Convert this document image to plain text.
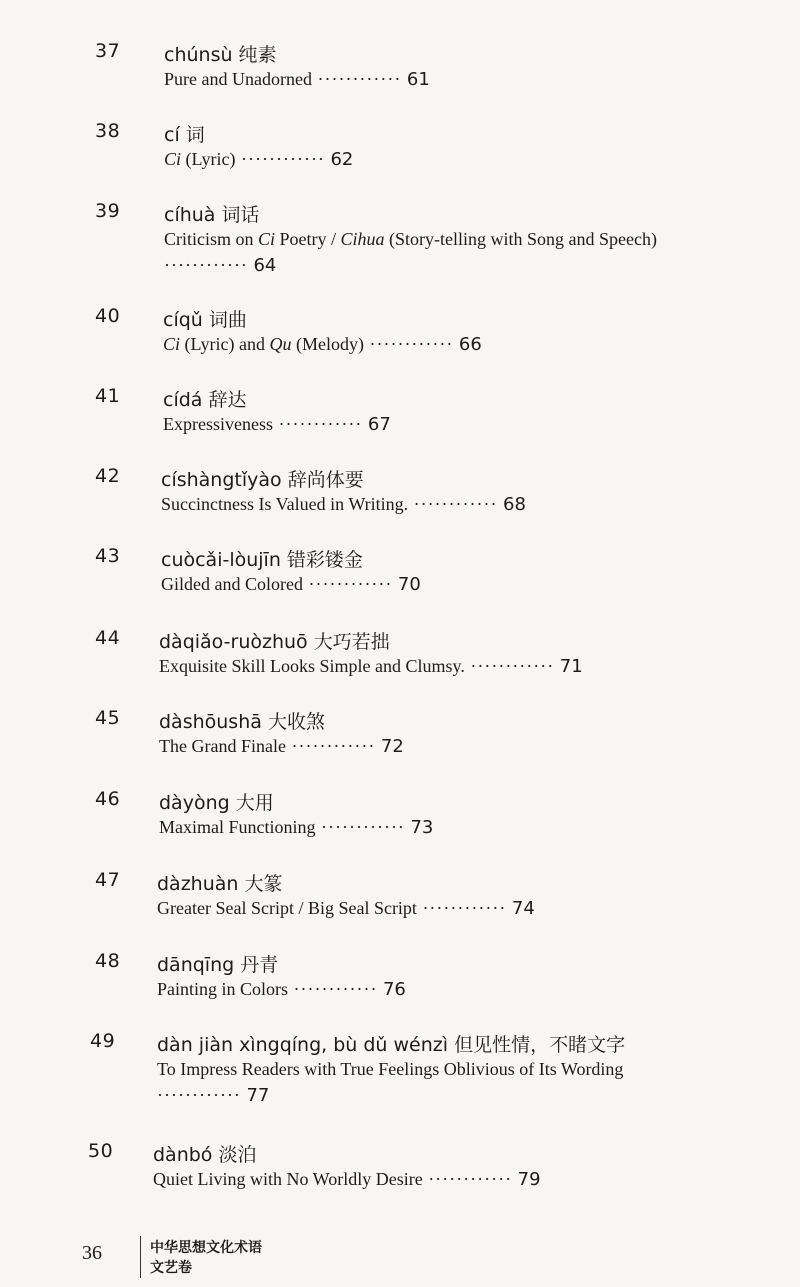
37 chúnsù 纯素
Pure and Unadorned ············ 61
38 cí 词
Ci (Lyric) ············ 62
39 cíhuà 词话
Criticism on Ci Poetry / Cihua (Story-telling with Song and Speech) ············ 64
40 cíqǔ 词曲
Ci (Lyric) and Qu (Melody) ············ 66
41 cídá 辞达
Expressiveness ············ 67
42 císhàngtǐyào 辞尚体要
Succinctness Is Valued in Writing. ············ 68
43 cuòcǎi-lòujīn 错彩镂金
Gilded and Colored ············ 70
44 dàqiǎo-ruòzhuō 大巧若拙
Exquisite Skill Looks Simple and Clumsy. ············ 71
45 dàshōushā 大收煞
The Grand Finale ············ 72
46 dàyòng 大用
Maximal Functioning ············ 73
47 dàzhuàn 大篆
Greater Seal Script / Big Seal Script ············ 74
48 dānqīng 丹青
Painting in Colors ············ 76
49 dàn jiàn xìngqíng, bù dǔ wénzì 但见性情，不睹文字
To Impress Readers with True Feelings Oblivious of Its Wording
············ 77
50 dànbó 淡泊
Quiet Living with No Worldly Desire ············ 79
36	中华思想文化术语
文艺卷
